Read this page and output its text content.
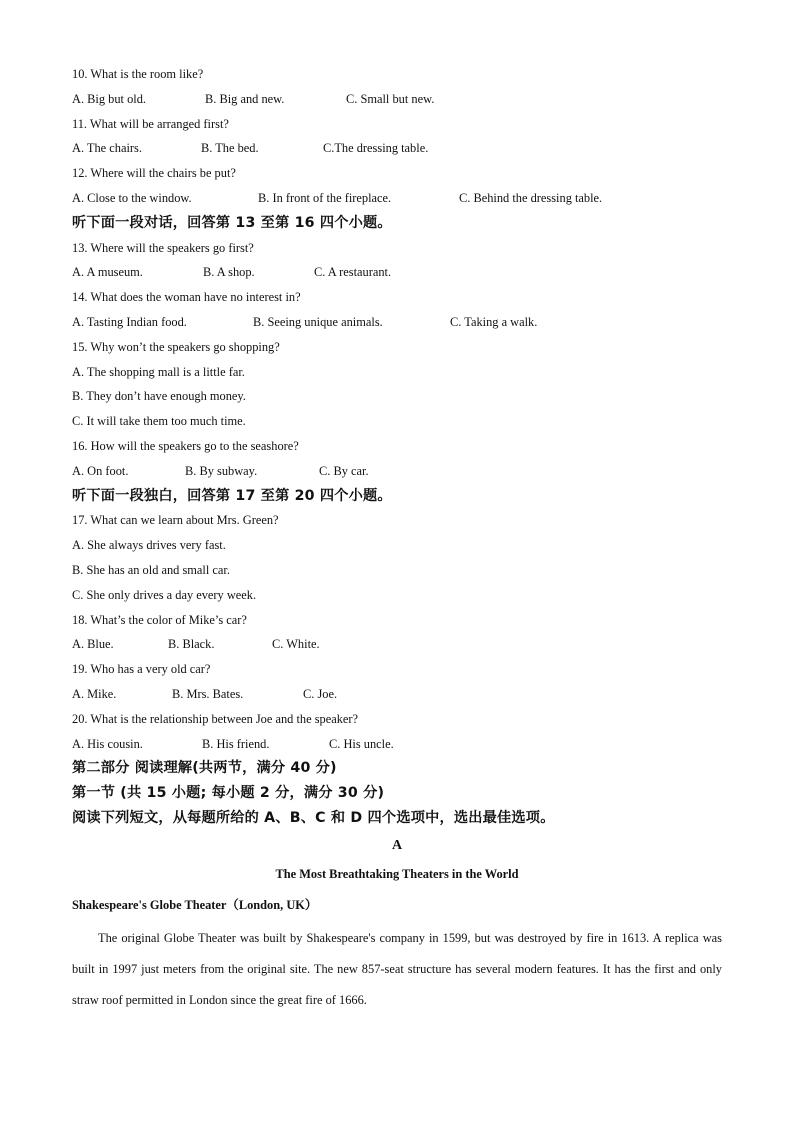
10. What is the room like?
A. Big but old.	B. Big and new.	C. Small but new.
11. What will be arranged first?
A. The chairs.	B. The bed.	C.The dressing table.
12. Where will the chairs be put?
A. Close to the window.	B. In front of the fireplace.	C. Behind the dressing table.
听下面一段对话，回答第 13 至第 16 四个小题。
13. Where will the speakers go first?
A. A museum.	B. A shop.	C. A restaurant.
14. What does the woman have no interest in?
A. Tasting Indian food.	B. Seeing unique animals.	C. Taking a walk.
15. Why won’t the speakers go shopping?
A. The shopping mall is a little far.
B. They don’t have enough money.
C. It will take them too much time.
16. How will the speakers go to the seashore?
A. On foot.	B. By subway.	C. By car.
听下面一段独白，回答第 17 至第 20 四个小题。
17. What can we learn about Mrs. Green?
A. She always drives very fast.
B. She has an old and small car.
C. She only drives a day every week.
18. What’s the color of Mike’s car?
A. Blue.	B. Black.	C. White.
19. Who has a very old car?
A. Mike.	B. Mrs. Bates.	C. Joe.
20. What is the relationship between Joe and the speaker?
A. His cousin.	B. His friend.	C. His uncle.
第二部分 阅读理解(共两节，满分 40 分)
第一节 (共 15 小题; 每小题 2 分，满分 30 分)
阅读下列短文，从每题所给的 A、B、C 和 D 四个选项中，选出最佳选项。
A
The Most Breathtaking Theaters in the World
Shakespeare's Globe Theater（London, UK）
The original Globe Theater was built by Shakespeare's company in 1599, but was destroyed by fire in 1613. A replica was built in 1997 just meters from the original site. The new 857-seat structure has several modern features. It has the first and only straw roof permitted in London since the great fire of 1666.
